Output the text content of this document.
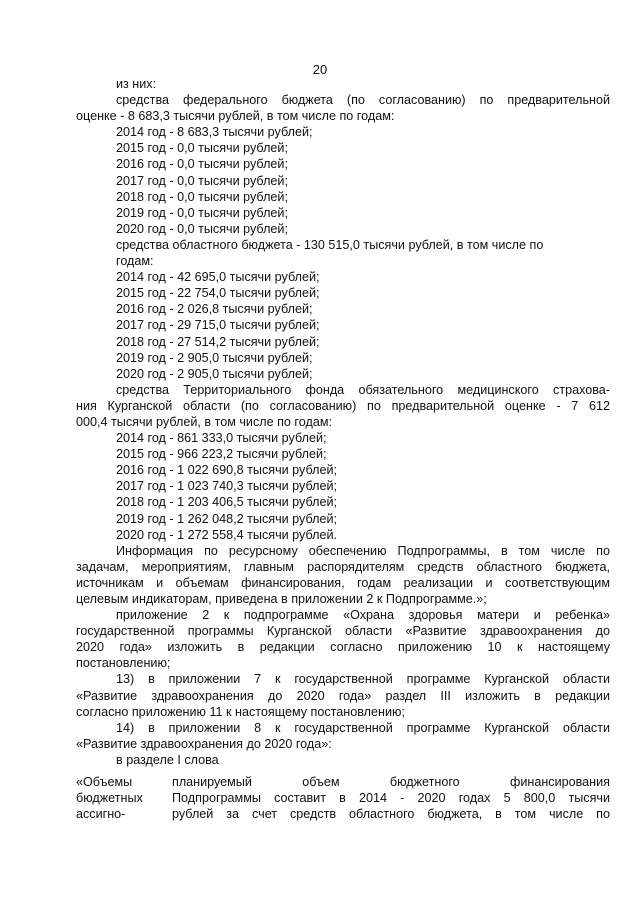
20
из них:
средства федерального бюджета (по согласованию) по предварительной
оценке - 8 683,3 тысячи рублей, в том числе по годам:
2014 год - 8 683,3 тысячи рублей;
2015 год - 0,0 тысячи рублей;
2016 год - 0,0 тысячи рублей;
2017 год - 0,0 тысячи рублей;
2018 год - 0,0 тысячи рублей;
2019 год - 0,0 тысячи рублей;
2020 год - 0,0 тысячи рублей;
средства областного бюджета - 130 515,0 тысячи рублей, в том числе по
годам:
2014 год - 42 695,0 тысячи рублей;
2015 год - 22 754,0 тысячи рублей;
2016 год - 2 026,8 тысячи рублей;
2017 год - 29 715,0 тысячи рублей;
2018 год - 27 514,2 тысячи рублей;
2019 год - 2 905,0 тысячи рублей;
2020 год - 2 905,0 тысячи рублей;
средства Территориального фонда обязательного медицинского страхова-
ния Курганской области (по согласованию) по предварительной оценке - 7 612
000,4 тысячи рублей, в том числе по годам:
2014 год - 861 333,0 тысячи рублей;
2015 год - 966 223,2 тысячи рублей;
2016 год - 1 022 690,8 тысячи рублей;
2017 год - 1 023 740,3 тысячи рублей;
2018 год - 1 203 406,5 тысячи рублей;
2019 год - 1 262 048,2 тысячи рублей;
2020 год - 1 272 558,4 тысячи рублей.
Информация по ресурсному обеспечению Подпрограммы, в том числе по
задачам, мероприятиям, главным распорядителям средств областного бюджета,
источникам и объемам финансирования, годам реализации и соответствующим
целевым индикаторам, приведена в приложении 2 к Подпрограмме.»;
приложение 2 к подпрограмме «Охрана здоровья матери и ребенка»
государственной программы Курганской области «Развитие здравоохранения до
2020 года» изложить в редакции согласно приложению 10 к настоящему
постановлению;
13) в приложении 7 к государственной программе Курганской области
«Развитие здравоохранения до 2020 года» раздел III изложить в редакции
согласно приложению 11 к настоящему постановлению;
14) в приложении 8 к государственной программе Курганской области
«Развитие здравоохранения до 2020 года»:
в разделе I слова
«Объемы
бюджетных
ассигно-
планируемый объем бюджетного финансирования
Подпрограммы составит в 2014 - 2020 годах 5 800,0 тысячи
рублей за счет средств областного бюджета, в том числе по
